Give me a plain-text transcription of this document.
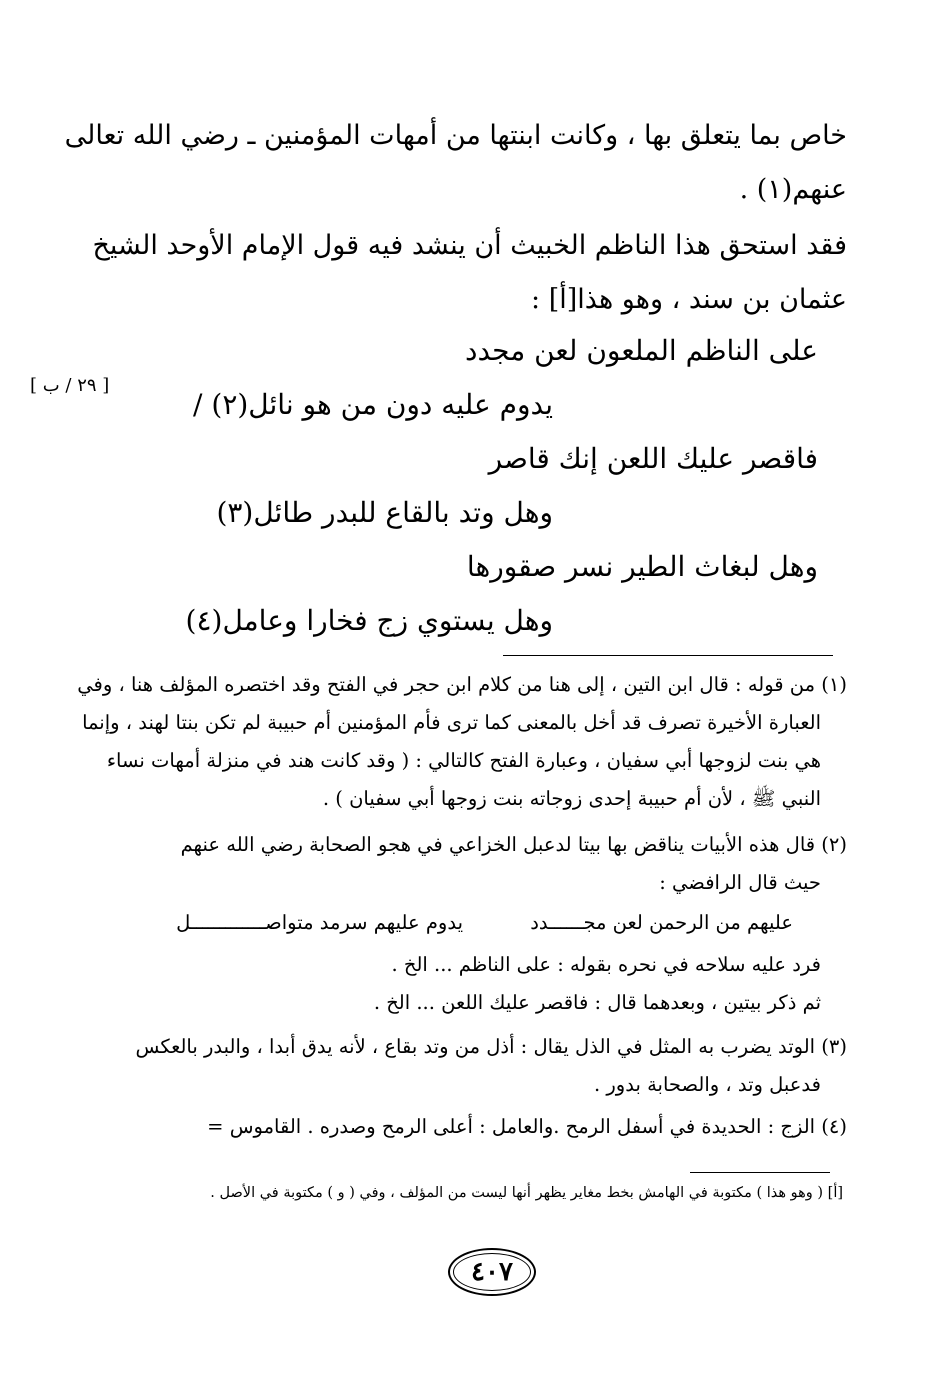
خاص بما يتعلق بها ، وكانت ابنتها من أمهات المؤمنين ـ رضي الله تعالى
عنهم(١) .
فقد استحق هذا الناظم الخبيث أن ينشد فيه قول الإمام الأوحد الشيخ
عثمان بن سند ، وهو هذا[أ] :
على الناظم الملعون لعن مجدد
يدوم عليه دون من هو نائل(٢) /
فاقصر عليك اللعن إنك قاصر
وهل وتد بالقاع للبدر طائل(٣)
وهل لبغاث الطير نسر صقورها
وهل يستوي زج فخارا وعامل(٤)
[ ٢٩ / ب ]
(١) من قوله : قال ابن التين ، إلى هنا من كلام ابن حجر في الفتح وقد اختصره المؤلف هنا ، وفي
العبارة الأخيرة تصرف قد أخل بالمعنى كما ترى فأم المؤمنين أم حبيبة لم تكن بنتا لهند ، وإنما
هي بنت لزوجها أبي سفيان ، وعبارة الفتح كالتالي : ( وقد كانت هند في منزلة أمهات نساء
النبي ﷺ ، لأن أم حبيبة إحدى زوجاته بنت زوجها أبي سفيان ) .
(٢) قال هذه الأبيات يناقض بها بيتا لدعبل الخزاعي في هجو الصحابة رضي الله عنهم
حيث قال الرافضي :
عليهم من الرحمن لعن مجــــــدد
يدوم عليهم سرمد متواصـــــــــــــل
فرد عليه سلاحه في نحره بقوله : على الناظم ... الخ .
ثم ذكر بيتين ، وبعدهما قال : فاقصر عليك اللعن ... الخ .
(٣) الوتد يضرب به المثل في الذل يقال : أذل من وتد بقاع ، لأنه يدق أبدا ، والبدر بالعكس
فدعبل وتد ، والصحابة بدور .
(٤) الزج : الحديدة في أسفل الرمح .والعامل : أعلى الرمح وصدره . القاموس =
[أ] ( وهو هذا ) مكتوبة في الهامش بخط مغاير يظهر أنها ليست من المؤلف ، وفي ( و ) مكتوبة في الأصل .
٤٠٧
